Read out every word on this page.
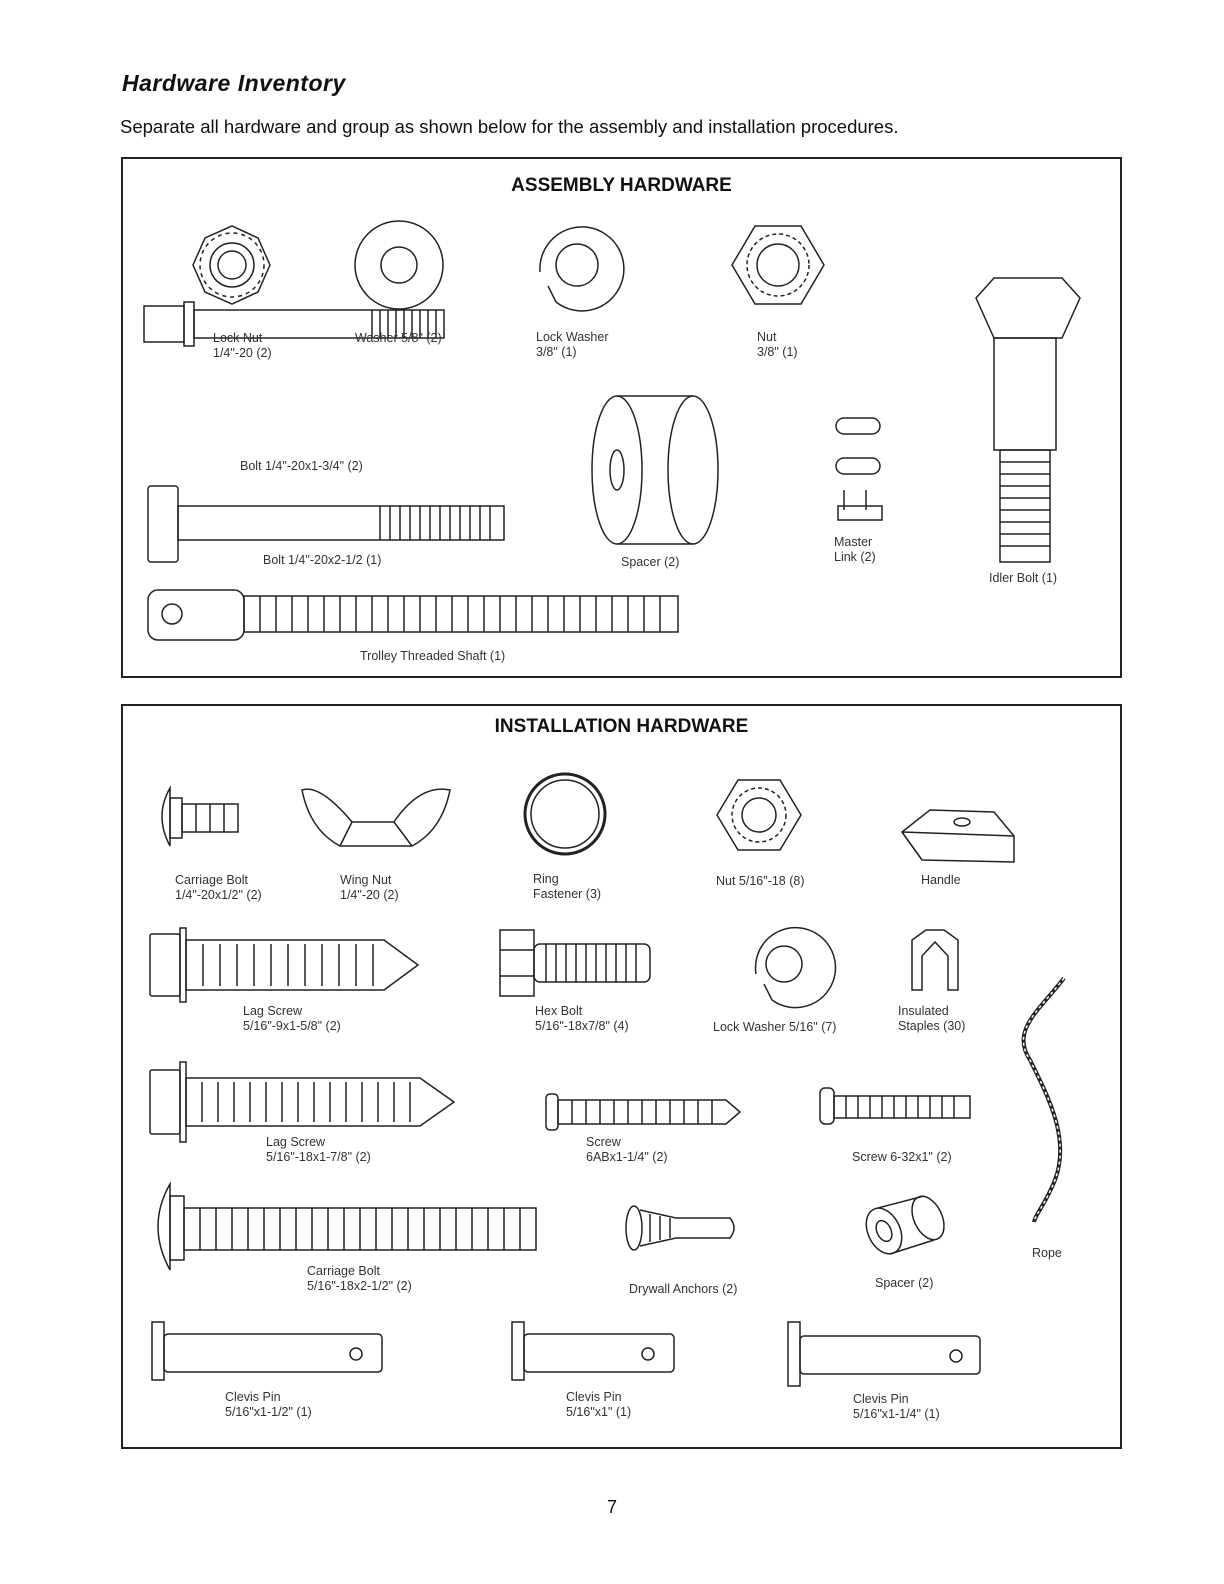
Hardware Inventory
Separate all hardware and group as shown below for the assembly and installation procedures.
ASSEMBLY HARDWARE
INSTALLATION HARDWARE
Lock Nut
1/4"-20 (2)
Washer 5/8" (2)	Lock Washer
3/8" (1)
Nut
3/8" (1)
Bolt 1/4"-20x1-3/4" (2)
Bolt 1/4"-20x2-1/2 (1)	Spacer (2)
Master
Link (2)
Idler Bolt (1)
Trolley Threaded Shaft (1)
Carriage Bolt
1/4"-20x1/2" (2)
Wing Nut
1/4"-20 (2)
Ring
Fastener (3)
Nut 5/16"-18 (8)	Handle
Lag Screw
5/16"-9x1-5/8" (2)
Hex Bolt
5/16"-18x7/8" (4)	Lock Washer 5/16" (7)
Insulated
Staples (30)
Lag Screw
5/16"-18x1-7/8" (2)
Screw
6ABx1-1/4" (2)	Screw 6-32x1" (2)
Carriage Bolt
5/16"-18x2-1/2" (2)	Drywall Anchors (2)	Spacer (2)
Rope
Clevis Pin
5/16"x1-1/2" (1)
Clevis Pin
5/16"x1" (1)
Clevis Pin
5/16"x1-1/4" (1)
7
